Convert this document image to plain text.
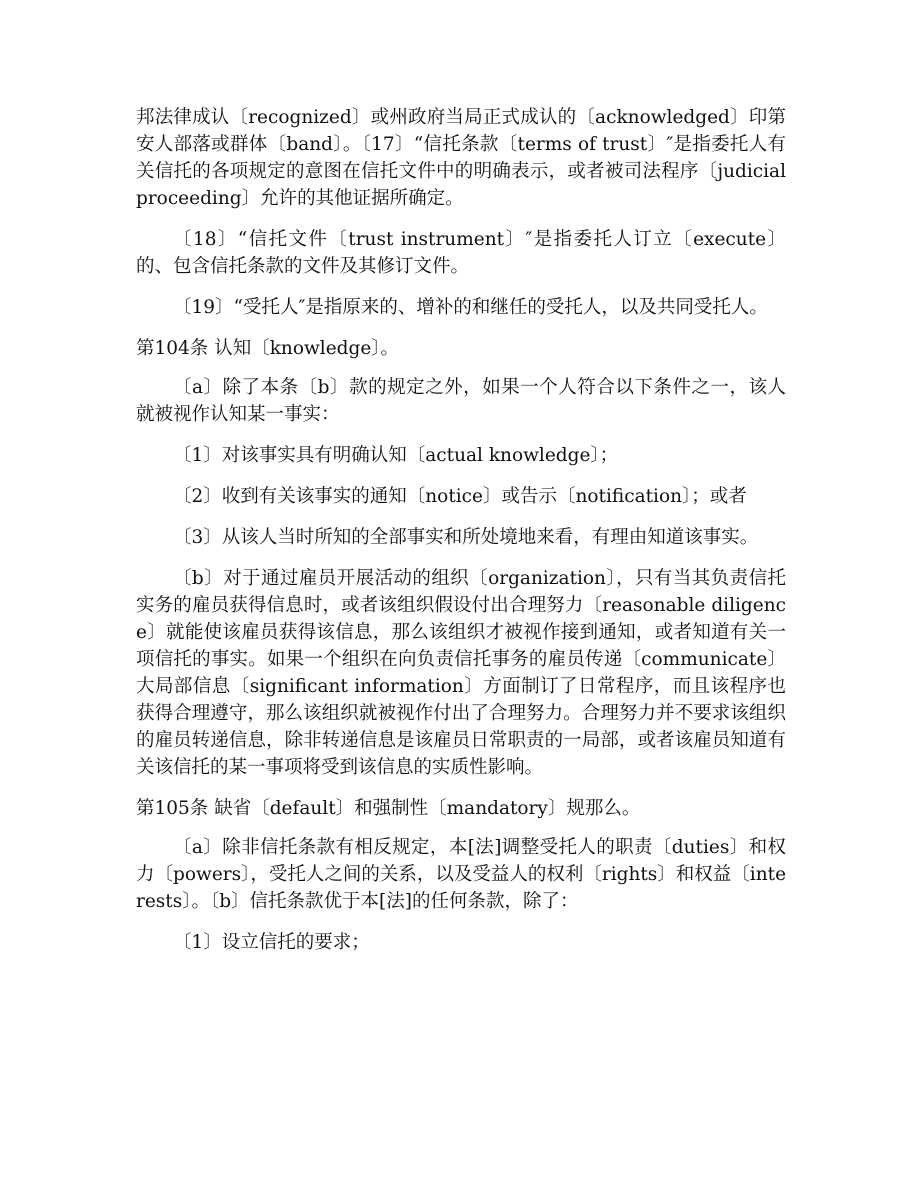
邦法律成认〔recognized〕或州政府当局正式成认的〔acknowledged〕印第安人部落或群体〔band〕。〔17〕“信托条款〔terms of trust〕″是指委托人有关信托的各项规定的意图在信托文件中的明确表示，或者被司法程序〔judicial proceeding〕允许的其他证据所确定。

〔18〕“信托文件〔trust instrument〕″是指委托人订立〔execute〕的、包含信托条款的文件及其修订文件。

〔19〕“受托人″是指原来的、增补的和继任的受托人，以及共同受托人。

第104条 认知〔knowledge〕。

〔a〕除了本条〔b〕款的规定之外，如果一个人符合以下条件之一，该人就被视作认知某一事实：

〔1〕对该事实具有明确认知〔actual knowledge〕；

〔2〕收到有关该事实的通知〔notice〕或告示〔notification〕；或者

〔3〕从该人当时所知的全部事实和所处境地来看，有理由知道该事实。

〔b〕对于通过雇员开展活动的组织〔organization〕，只有当其负责信托实务的雇员获得信息时，或者该组织假设付出合理努力〔reasonable diligence〕就能使该雇员获得该信息，那么该组织才被视作接到通知，或者知道有关一项信托的事实。如果一个组织在向负责信托事务的雇员传递〔communicate〕大局部信息〔significant information〕方面制订了日常程序，而且该程序也获得合理遵守，那么该组织就被视作付出了合理努力。合理努力并不要求该组织的雇员转递信息，除非转递信息是该雇员日常职责的一局部，或者该雇员知道有关该信托的某一事项将受到该信息的实质性影响。

第105条 缺省〔default〕和强制性〔mandatory〕规那么。

〔a〕除非信托条款有相反规定，本[法]调整受托人的职责〔duties〕和权力〔powers〕，受托人之间的关系，以及受益人的权利〔rights〕和权益〔interests〕。〔b〕信托条款优于本[法]的任何条款，除了：

〔1〕设立信托的要求；
